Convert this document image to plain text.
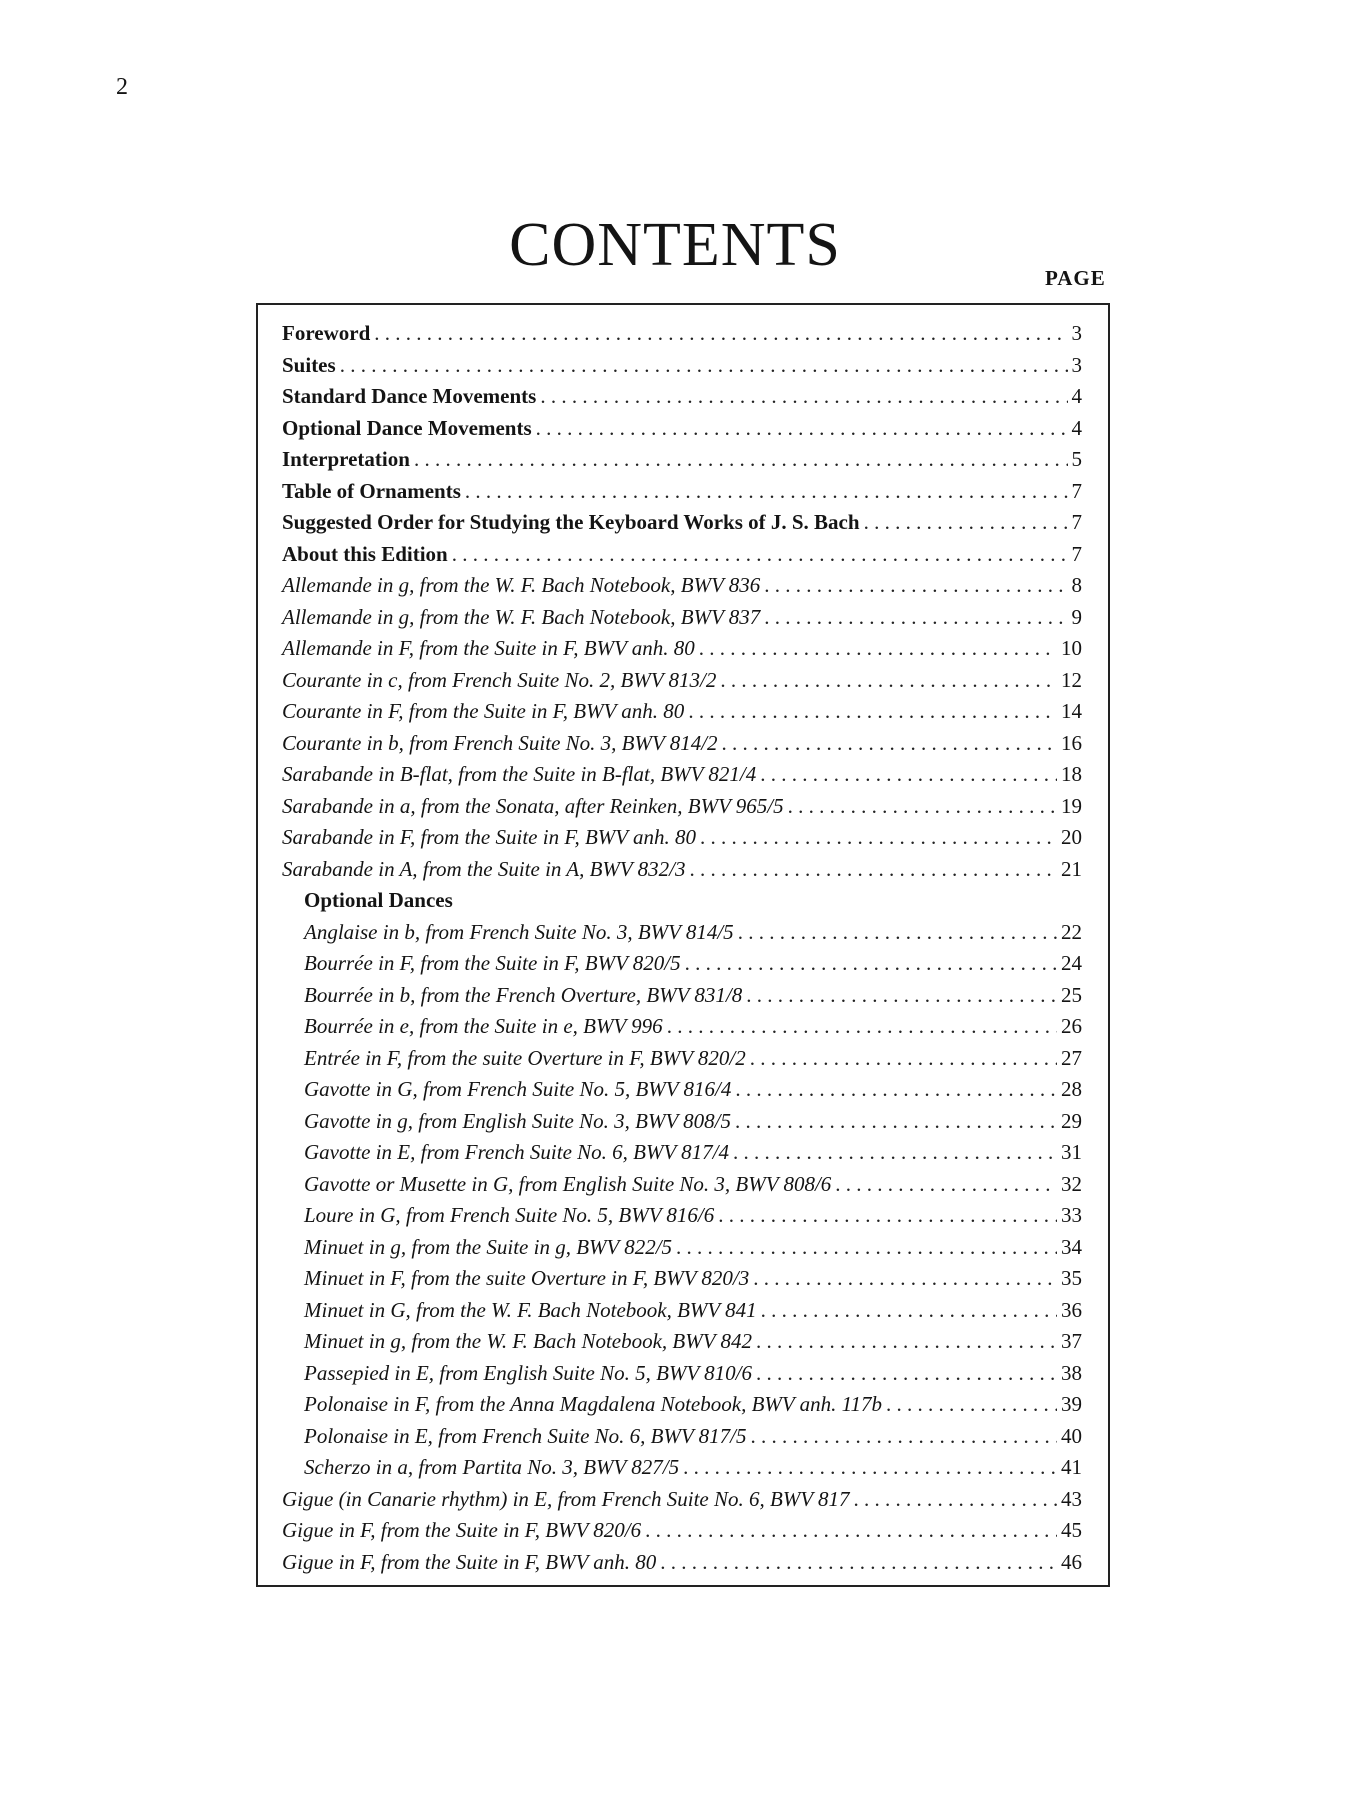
2
CONTENTS	PAGE
Foreword . . .	3
Suites . . .	3
Standard Dance Movements . . .	4
Optional Dance Movements . . .	4
Interpretation . . .	5
Table of Ornaments . . .	7
Suggested Order for Studying the Keyboard Works of J. S. Bach . . .	7
About this Edition . . .	7
Allemande in g, from the W. F. Bach Notebook, BWV 836 . . .	8
Allemande in g, from the W. F. Bach Notebook, BWV 837 . . .	9
Allemande in F, from the Suite in F, BWV anh. 80 . . .	10
Courante in c, from French Suite No. 2, BWV 813/2 . . .	12
Courante in F, from the Suite in F, BWV anh. 80 . . .	14
Courante in b, from French Suite No. 3, BWV 814/2 . . .	16
Sarabande in B-flat, from the Suite in B-flat, BWV 821/4 . . .	18
Sarabande in a, from the Sonata, after Reinken, BWV 965/5 . . .	19
Sarabande in F, from the Suite in F, BWV anh. 80 . . .	20
Sarabande in A, from the Suite in A, BWV 832/3 . . .	21
Optional Dances
Anglaise in b, from French Suite No. 3, BWV 814/5 . . .	22
Bourrée in F, from the Suite in F, BWV 820/5 . . .	24
Bourrée in b, from the French Overture, BWV 831/8 . . .	25
Bourrée in e, from the Suite in e, BWV 996 . . .	26
Entrée in F, from the suite Overture in F, BWV 820/2 . . .	27
Gavotte in G, from French Suite No. 5, BWV 816/4 . . .	28
Gavotte in g, from English Suite No. 3, BWV 808/5 . . .	29
Gavotte in E, from French Suite No. 6, BWV 817/4 . . .	31
Gavotte or Musette in G, from English Suite No. 3, BWV 808/6 . . .	32
Loure in G, from French Suite No. 5, BWV 816/6 . . .	33
Minuet in g, from the Suite in g, BWV 822/5 . . .	34
Minuet in F, from the suite Overture in F, BWV 820/3 . . .	35
Minuet in G, from the W. F. Bach Notebook, BWV 841 . . .	36
Minuet in g, from the W. F. Bach Notebook, BWV 842 . . .	37
Passepied in E, from English Suite No. 5, BWV 810/6 . . .	38
Polonaise in F, from the Anna Magdalena Notebook, BWV anh. 117b . . .	39
Polonaise in E, from French Suite No. 6, BWV 817/5 . . .	40
Scherzo in a, from Partita No. 3, BWV 827/5 . . .	41
Gigue (in Canarie rhythm) in E, from French Suite No. 6, BWV 817 . . .	43
Gigue in F, from the Suite in F, BWV 820/6 . . .	45
Gigue in F, from the Suite in F, BWV anh. 80 . . .	46
